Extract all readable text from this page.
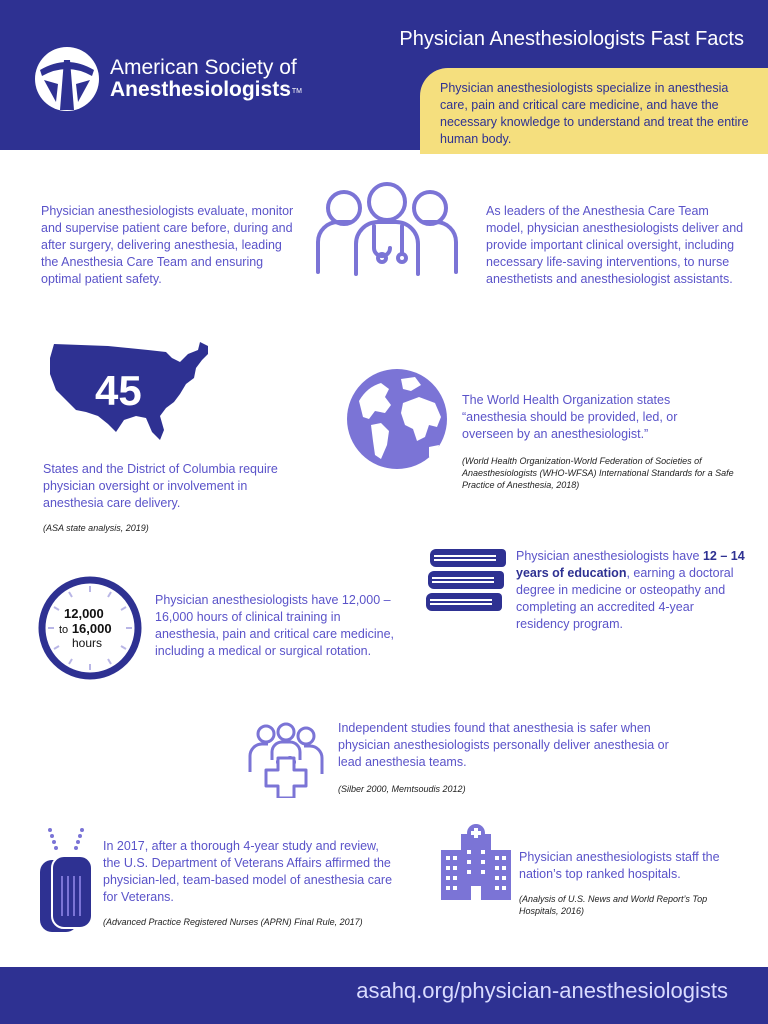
American Society of
Anesthesiologists™
Physician Anesthesiologists Fast Facts
Physician anesthesiologists specialize in anesthesia care, pain and critical care medicine, and have the necessary knowledge to understand and treat the entire human body.
Physician anesthesiologists evaluate, monitor and supervise patient care before, during and after surgery, delivering anesthesia, leading the Anesthesia Care Team and ensuring optimal patient safety.
As leaders of the Anesthesia Care Team model, physician anesthesiologists deliver and provide important clinical oversight, including necessary life-saving interventions, to nurse anesthetists and anesthesiologist assistants.
45
States and the District of Columbia require physician oversight or involvement in anesthesia care delivery.
(ASA state analysis, 2019)
The World Health Organization states “anesthesia should be provided, led, or overseen by an anesthesiologist.”
(World Health Organization-World Federation of Societies of Anaesthesiologists (WHO-WFSA) International Standards for a Safe Practice of Anesthesia, 2018)
Physician anesthesiologists have 12 – 14 years of education, earning a doctoral degree in medicine or osteopathy and completing an accredited 4-year residency program.
12,000
to 16,000
hours
Physician anesthesiologists have 12,000 – 16,000 hours of clinical training in anesthesia, pain and critical care medicine, including a medical or surgical rotation.
Independent studies found that anesthesia is safer when physician anesthesiologists personally deliver anesthesia or lead anesthesia teams.
(Silber 2000, Memtsoudis 2012)
In 2017, after a thorough 4-year study and review, the U.S. Department of Veterans Affairs affirmed the physician-led, team-based model of anesthesia care for Veterans.
(Advanced Practice Registered Nurses (APRN) Final Rule, 2017)
Physician anesthesiologists staff the nation’s top ranked hospitals.
(Analysis of U.S. News and World Report’s Top Hospitals, 2016)
asahq.org/physician-anesthesiologists
